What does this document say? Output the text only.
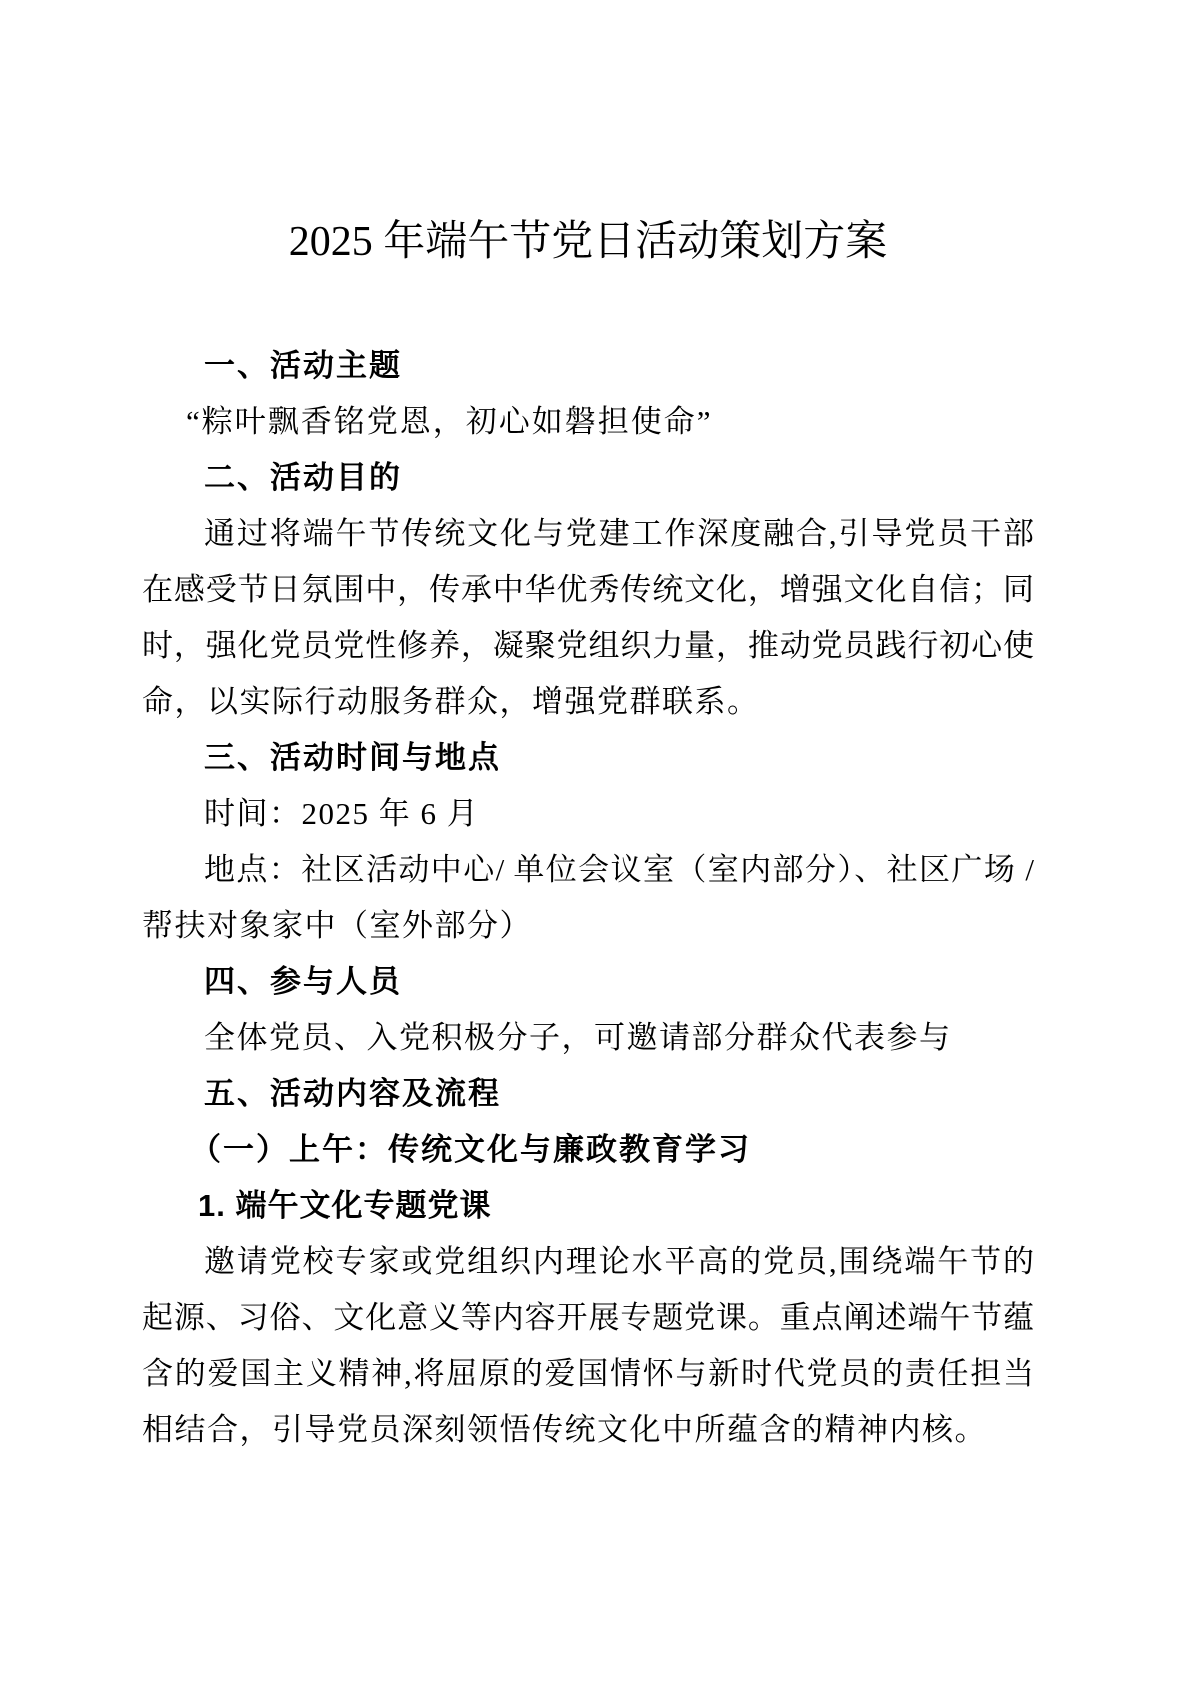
2025 年端午节党日活动策划方案

一、活动主题

“粽叶飘香铭党恩，初心如磐担使命”

二、活动目的

通过将端午节传统文化与党建工作深度融合,引导党员干部

在感受节日氛围中，传承中华优秀传统文化，增强文化自信；同

时，强化党员党性修养，凝聚党组织力量，推动党员践行初心使

命，以实际行动服务群众，增强党群联系。

三、活动时间与地点

时间：2025 年 6 月

地点：社区活动中心/ 单位会议室（室内部分）、社区广场 /

帮扶对象家中（室外部分）

四、参与人员

全体党员、入党积极分子，可邀请部分群众代表参与

五、活动内容及流程

（一）上午：传统文化与廉政教育学习

1. 端午文化专题党课

邀请党校专家或党组织内理论水平高的党员,围绕端午节的

起源、习俗、文化意义等内容开展专题党课。重点阐述端午节蕴

含的爱国主义精神,将屈原的爱国情怀与新时代党员的责任担当

相结合，引导党员深刻领悟传统文化中所蕴含的精神内核。
